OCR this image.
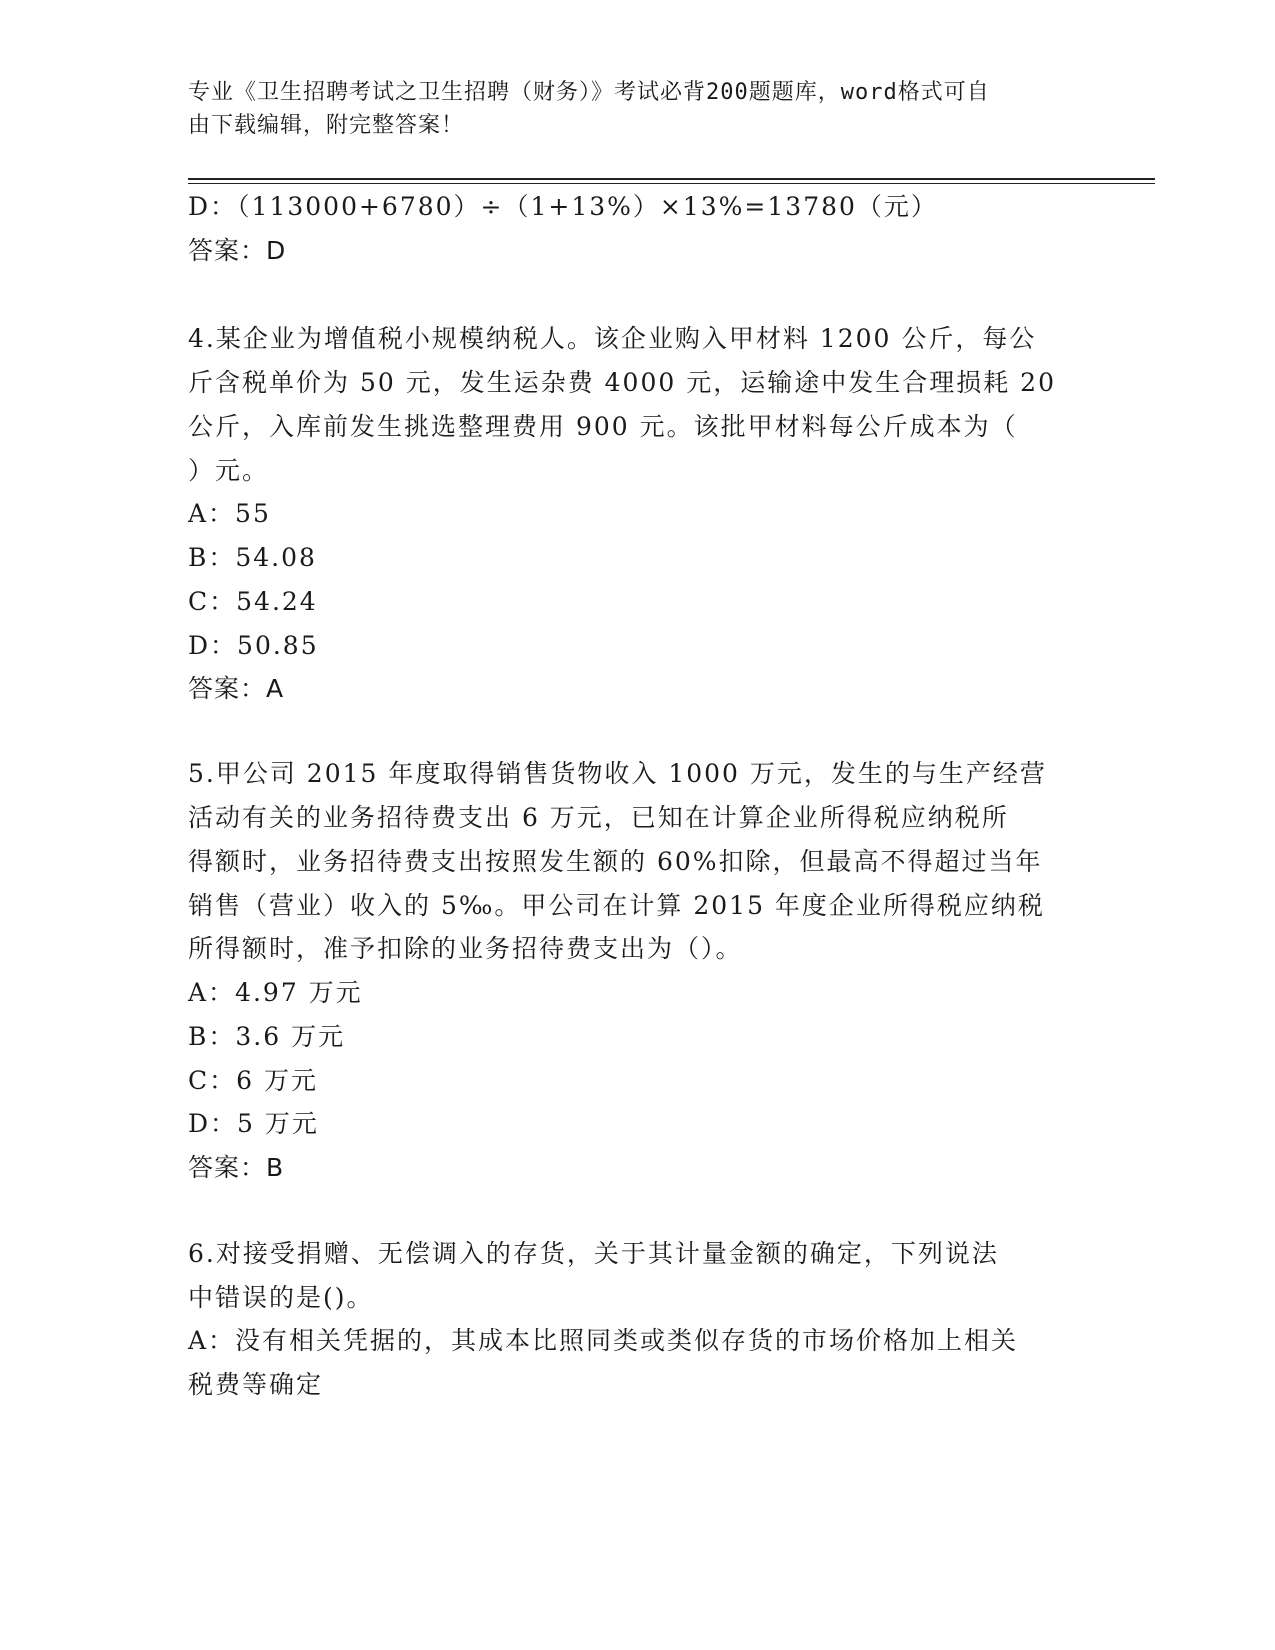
专业《卫生招聘考试之卫生招聘（财务）》考试必背200题题库，word格式可自
由下载编辑，附完整答案！
D：（113000+6780）÷（1+13%）×13%=13780（元）
答案：D
4.某企业为增值税小规模纳税人。该企业购入甲材料 1200 公斤，每公
斤含税单价为 50 元，发生运杂费 4000 元，运输途中发生合理损耗 20
公斤，入库前发生挑选整理费用 900 元。该批甲材料每公斤成本为（
）元。
A：55
B：54.08
C：54.24
D：50.85
答案：A
5.甲公司 2015 年度取得销售货物收入 1000 万元，发生的与生产经营
活动有关的业务招待费支出 6 万元，已知在计算企业所得税应纳税所
得额时，业务招待费支出按照发生额的 60%扣除，但最高不得超过当年
销售（营业）收入的 5‰。甲公司在计算 2015 年度企业所得税应纳税
所得额时，准予扣除的业务招待费支出为（）。
A：4.97 万元
B：3.6 万元
C：6 万元
D：5 万元
答案：B
6.对接受捐赠、无偿调入的存货，关于其计量金额的确定，下列说法
中错误的是()。
A：没有相关凭据的，其成本比照同类或类似存货的市场价格加上相关
税费等确定
